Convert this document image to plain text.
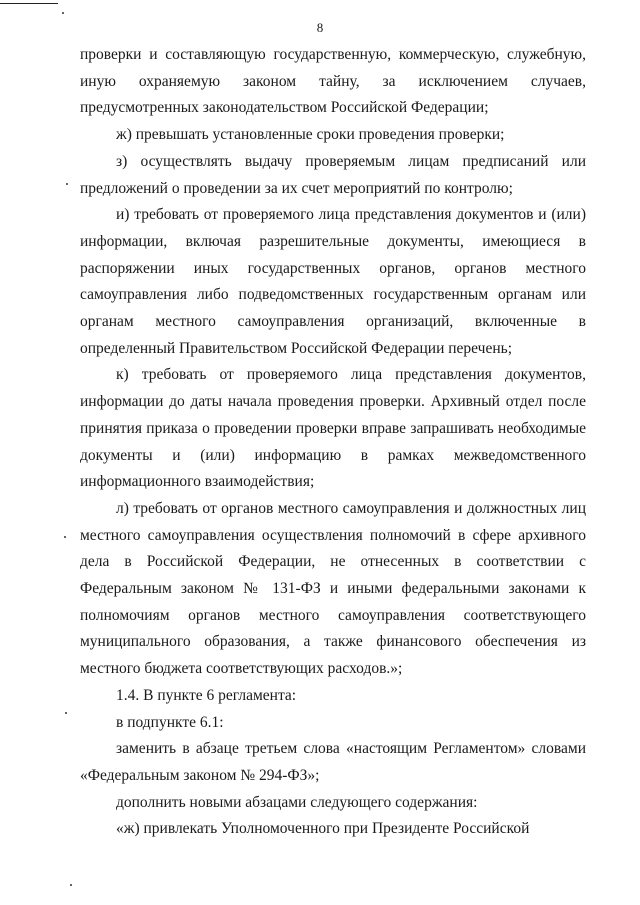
8

проверки и составляющую государственную, коммерческую, служебную, иную охраняемую законом тайну, за исключением случаев, предусмотренных законодательством Российской Федерации;

ж) превышать установленные сроки проведения проверки;

з) осуществлять выдачу проверяемым лицам предписаний или предложений о проведении за их счет мероприятий по контролю;

и) требовать от проверяемого лица представления документов и (или) информации, включая разрешительные документы, имеющиеся в распоряжении иных государственных органов, органов местного самоуправления либо подведомственных государственным органам или органам местного самоуправления организаций, включенные в определенный Правительством Российской Федерации перечень;

к) требовать от проверяемого лица представления документов, информации до даты начала проведения проверки. Архивный отдел после принятия приказа о проведении проверки вправе запрашивать необходимые документы и (или) информацию в рамках межведомственного информационного взаимодействия;

л) требовать от органов местного самоуправления и должностных лиц местного самоуправления осуществления полномочий в сфере архивного дела в Российской Федерации, не отнесенных в соответствии с Федеральным законом № 131-ФЗ и иными федеральными законами к полномочиям органов местного самоуправления соответствующего муниципального образования, а также финансового обеспечения из местного бюджета соответствующих расходов.»;

1.4. В пункте 6 регламента:

в подпункте 6.1:

заменить в абзаце третьем слова «настоящим Регламентом» словами «Федеральным законом № 294-ФЗ»;

дополнить новыми абзацами следующего содержания:

«ж) привлекать Уполномоченного при Президенте Российской
